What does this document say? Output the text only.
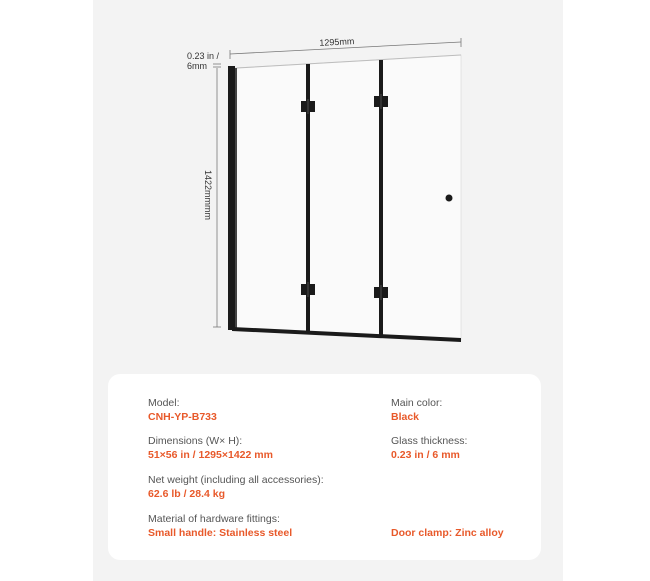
1295mm
0.23 in /
6mm
1422mmmm
Model:
CNH-YP-B733
Dimensions (W× H):
51×56 in / 1295×1422 mm
Net weight (including all accessories):
62.6 lb / 28.4 kg
Material of hardware fittings:
Small handle: Stainless steel
Main color:
Black
Glass thickness:
0.23 in / 6 mm
Door clamp: Zinc alloy
